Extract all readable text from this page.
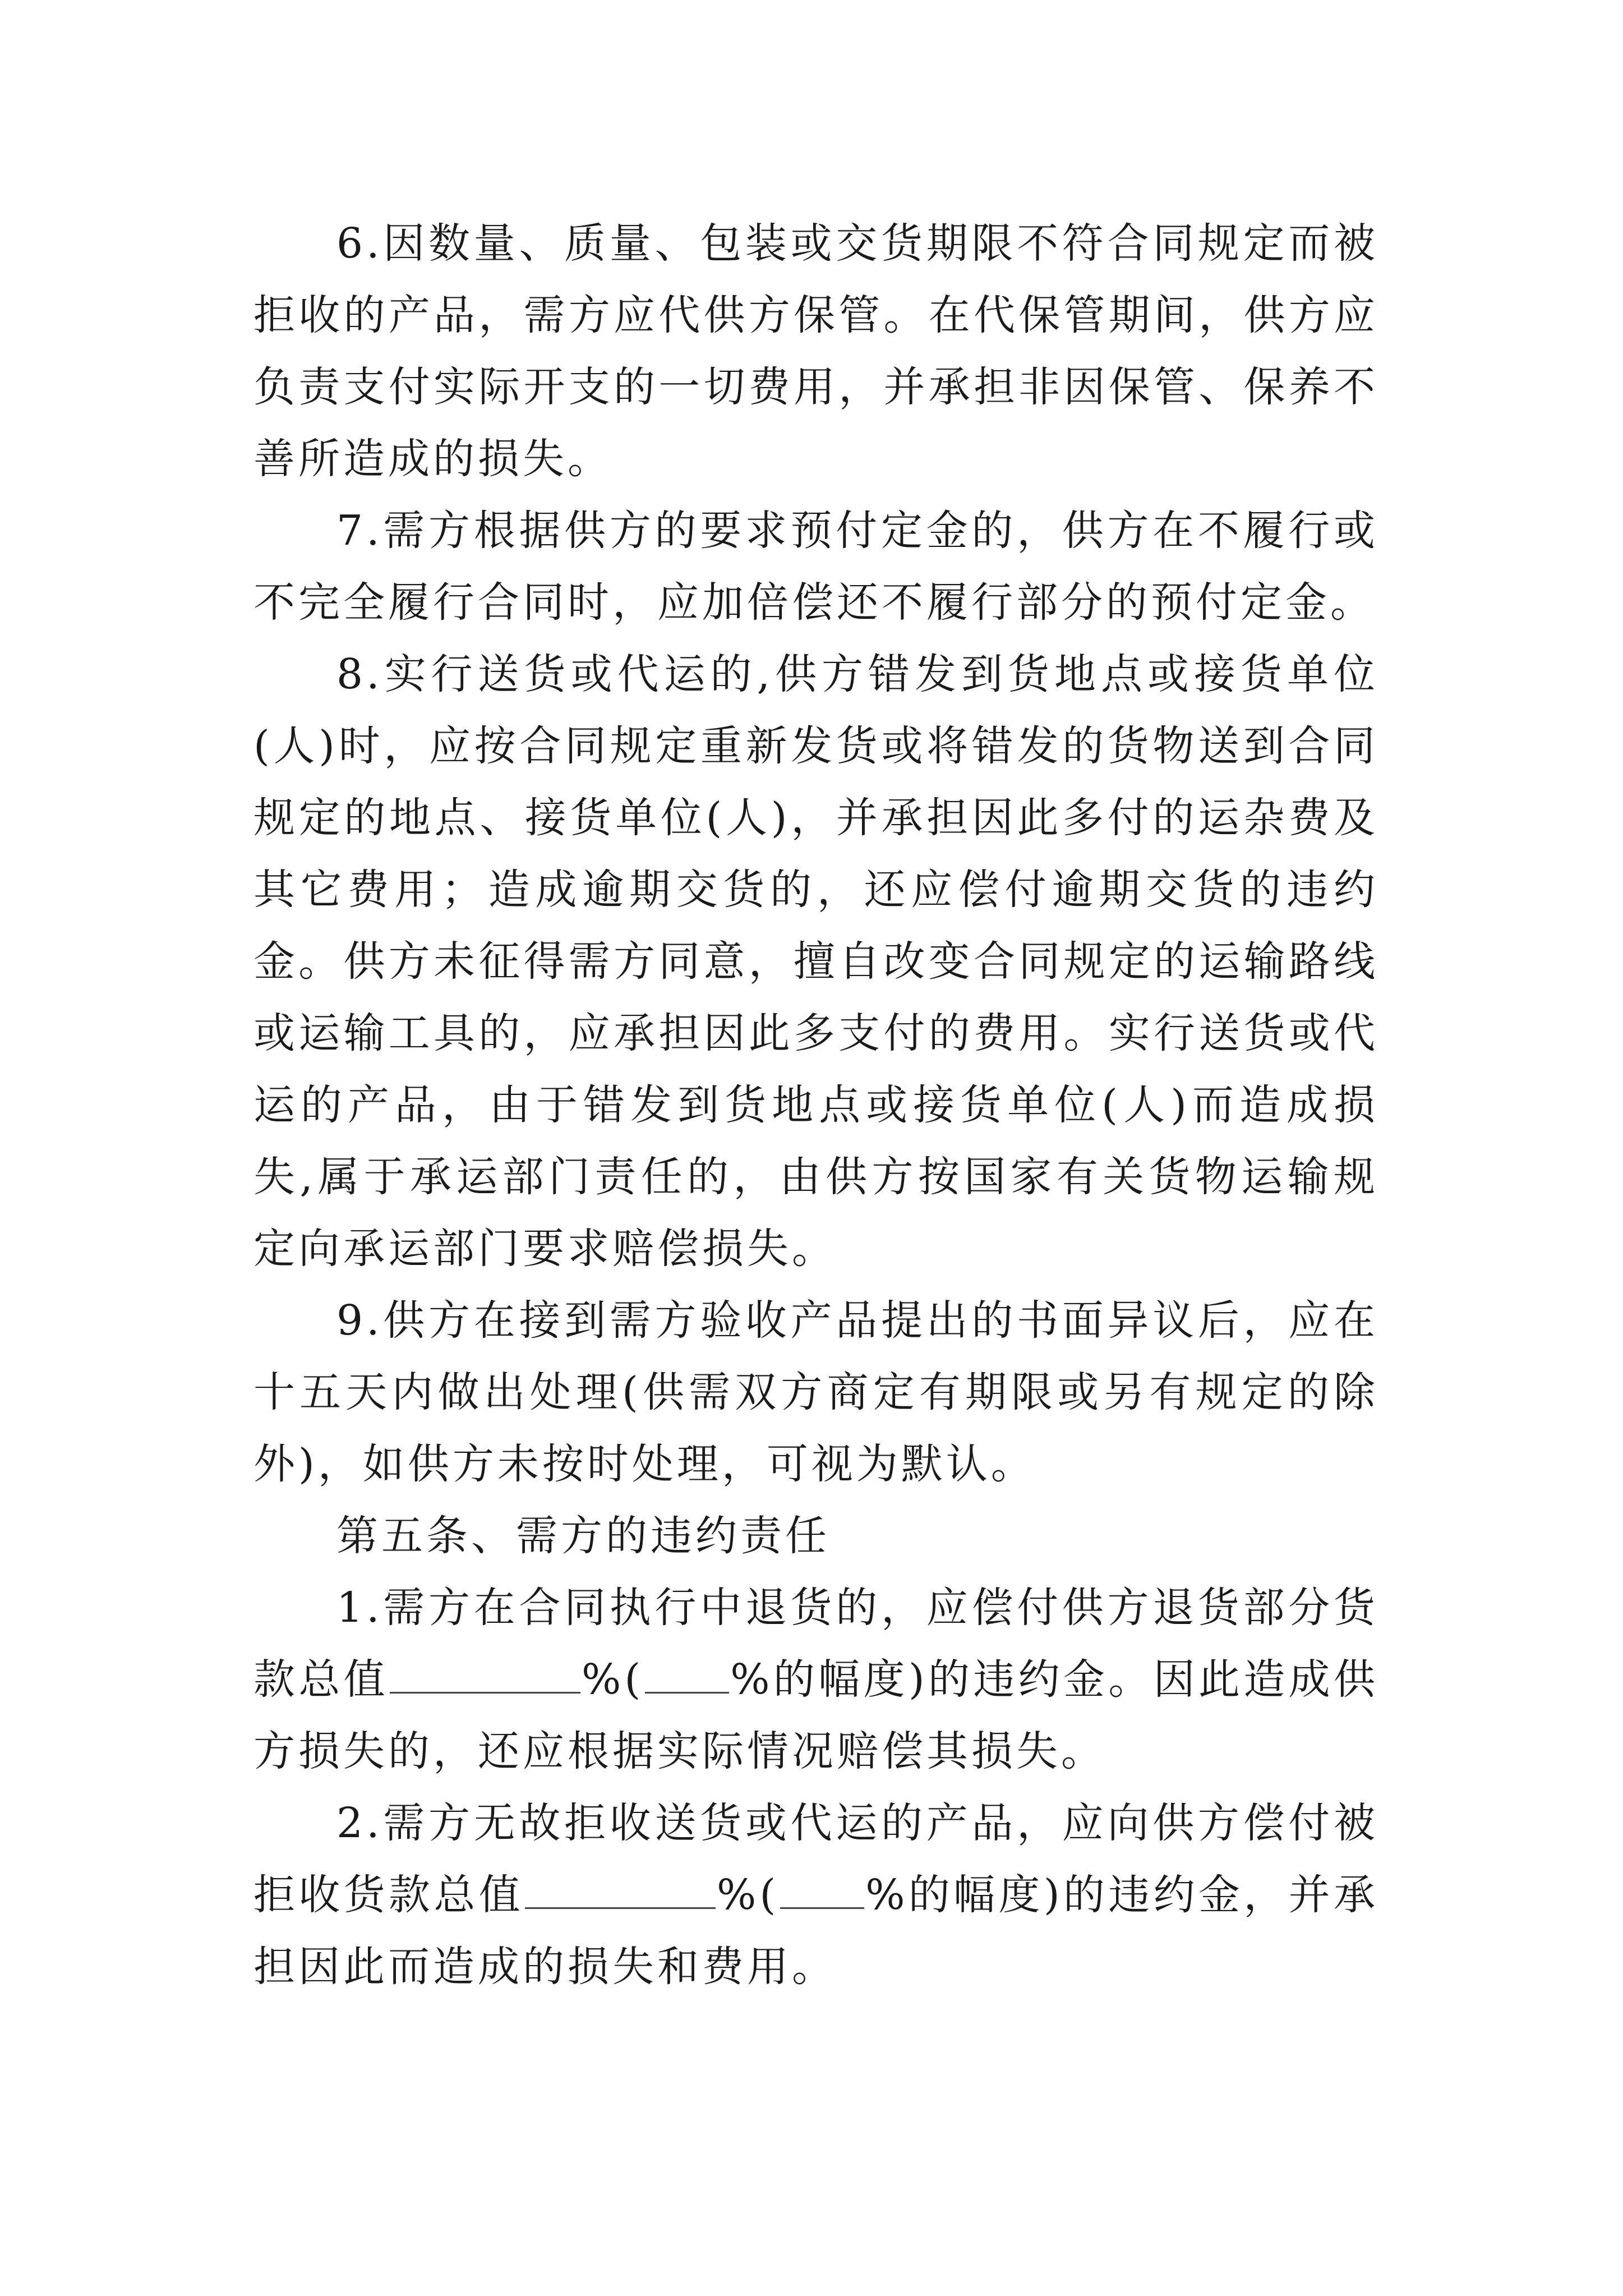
6.因数量、质量、包装或交货期限不符合同规定而被拒收的产品，需方应代供方保管。在代保管期间，供方应负责支付实际开支的一切费用，并承担非因保管、保养不善所造成的损失。

7.需方根据供方的要求预付定金的，供方在不履行或不完全履行合同时，应加倍偿还不履行部分的预付定金。

8.实行送货或代运的,供方错发到货地点或接货单位(人)时，应按合同规定重新发货或将错发的货物送到合同规定的地点、接货单位(人)，并承担因此多付的运杂费及其它费用；造成逾期交货的，还应偿付逾期交货的违约金。供方未征得需方同意，擅自改变合同规定的运输路线或运输工具的，应承担因此多支付的费用。实行送货或代运的产品，由于错发到货地点或接货单位(人)而造成损失,属于承运部门责任的，由供方按国家有关货物运输规定向承运部门要求赔偿损失。

9.供方在接到需方验收产品提出的书面异议后，应在十五天内做出处理(供需双方商定有期限或另有规定的除外)，如供方未按时处理，可视为默认。

第五条、需方的违约责任

1.需方在合同执行中退货的，应偿付供方退货部分货款总值	%( %的幅度)的违约金。因此造成供方损失的，还应根据实际情况赔偿其损失。

2.需方无故拒收送货或代运的产品，应向供方偿付被拒收货款总值	%( %的幅度)的违约金，并承担因此而造成的损失和费用。
